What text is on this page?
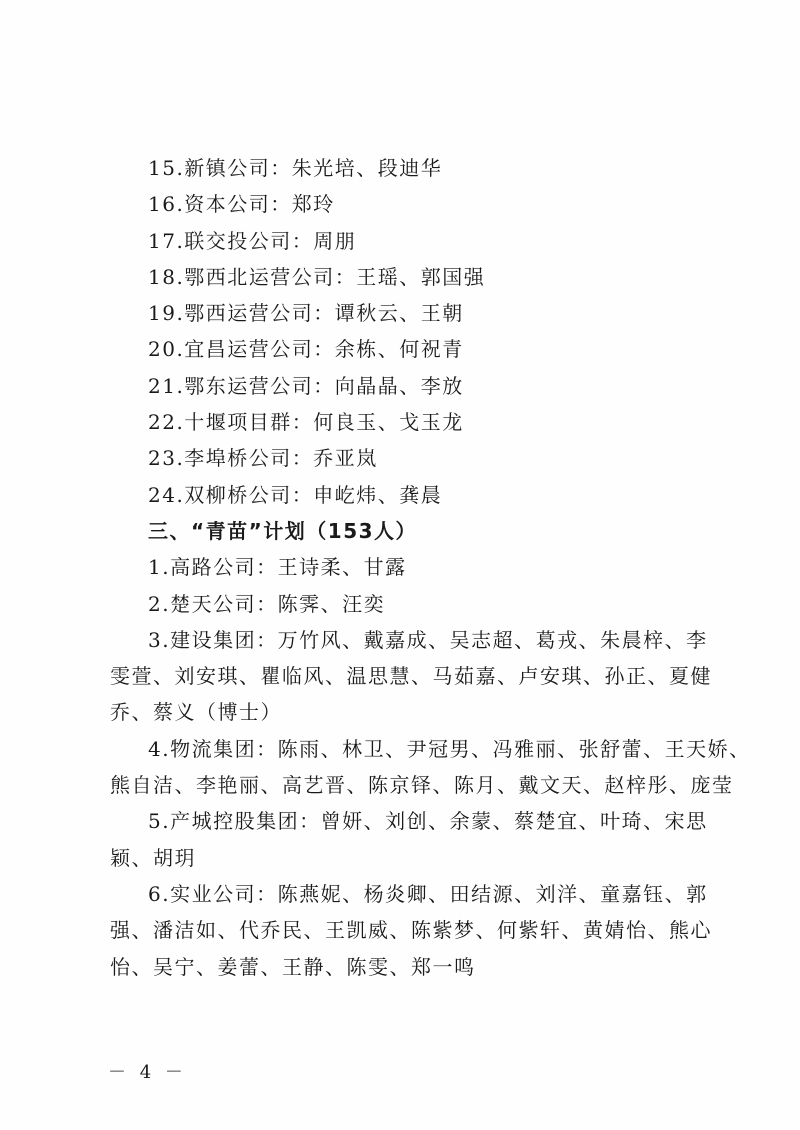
15.新镇公司：朱光培、段迪华
16.资本公司：郑玲
17.联交投公司：周朋
18.鄂西北运营公司：王瑶、郭国强
19.鄂西运营公司：谭秋云、王朝
20.宜昌运营公司：余栋、何祝青
21.鄂东运营公司：向晶晶、李放
22.十堰项目群：何良玉、戈玉龙
23.李埠桥公司：乔亚岚
24.双柳桥公司：申屹炜、龚晨
三、“青苗”计划（153人）
1.高路公司：王诗柔、甘露
2.楚天公司：陈霁、汪奕
3.建设集团：万竹风、戴嘉成、吴志超、葛戎、朱晨梓、李
雯萱、刘安琪、瞿临风、温思慧、马茹嘉、卢安琪、孙正、夏健
乔、蔡义（博士）
4.物流集团：陈雨、林卫、尹冠男、冯雅丽、张舒蕾、王天娇、
熊自洁、李艳丽、高艺晋、陈京铎、陈月、戴文天、赵梓彤、庞莹
5.产城控股集团：曾妍、刘创、余蒙、蔡楚宜、叶琦、宋思
颖、胡玥
6.实业公司：陈燕妮、杨炎卿、田结源、刘洋、童嘉钰、郭
强、潘洁如、代乔民、王凯威、陈紫梦、何紫轩、黄婧怡、熊心
怡、吴宁、姜蕾、王静、陈雯、郑一鸣
－ 4 －
